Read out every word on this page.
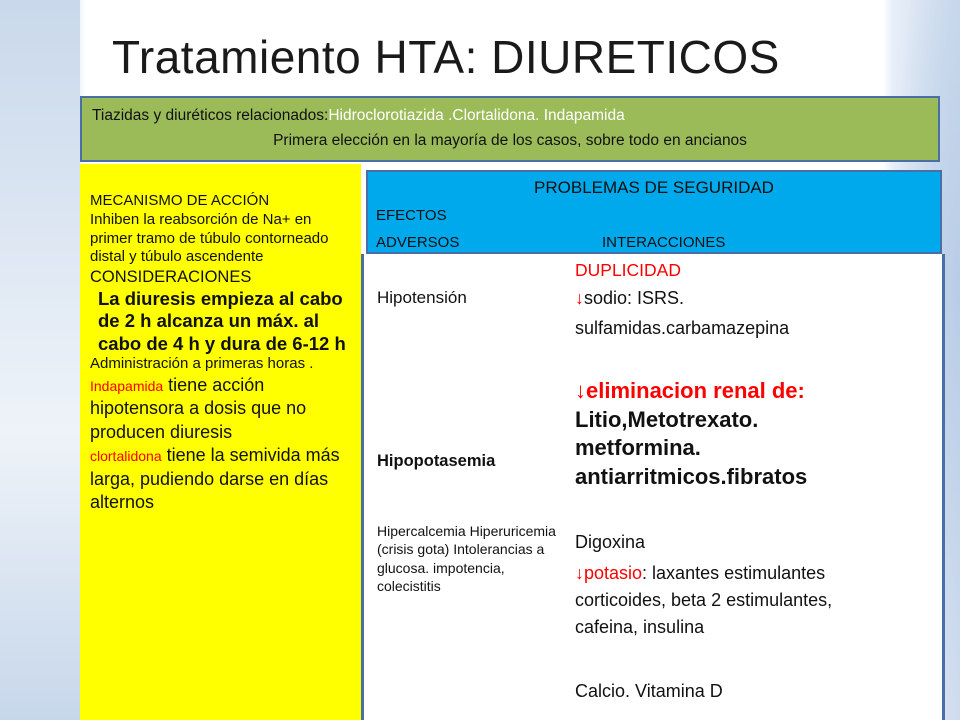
Tratamiento HTA: DIURETICOS
Tiazidas y diuréticos relacionados:Hidroclorotiazida .Clortalidona. Indapamida
Primera elección en la mayoría de los casos, sobre todo en ancianos
MECANISMO DE ACCIÓN
Inhiben la reabsorción de Na+ en primer tramo de túbulo contorneado distal y túbulo ascendente
CONSIDERACIONES
La diuresis empieza al cabo de 2 h alcanza un máx. al cabo de 4 h y dura de 6-12 h
Administración a primeras horas .
Indapamida tiene acción hipotensora a dosis que no producen diuresis
clortalidona tiene la semivida más larga, pudiendo darse en días alternos
PROBLEMAS DE SEGURIDAD
EFECTOS
ADVERSOS	INTERACCIONES
Hipotensión
Hipopotasemia
Hipercalcemia Hiperuricemia (crisis gota) Intolerancias a glucosa. impotencia, colecistitis
DUPLICIDAD
↓sodio: ISRS.
sulfamidas.carbamazepina
↓eliminacion renal de:
Litio,Metotrexato.
metformina.
antiarritmicos.fibratos
Digoxina
↓potasio: laxantes estimulantes
corticoides, beta 2 estimulantes,
cafeina, insulina
Calcio. Vitamina D
